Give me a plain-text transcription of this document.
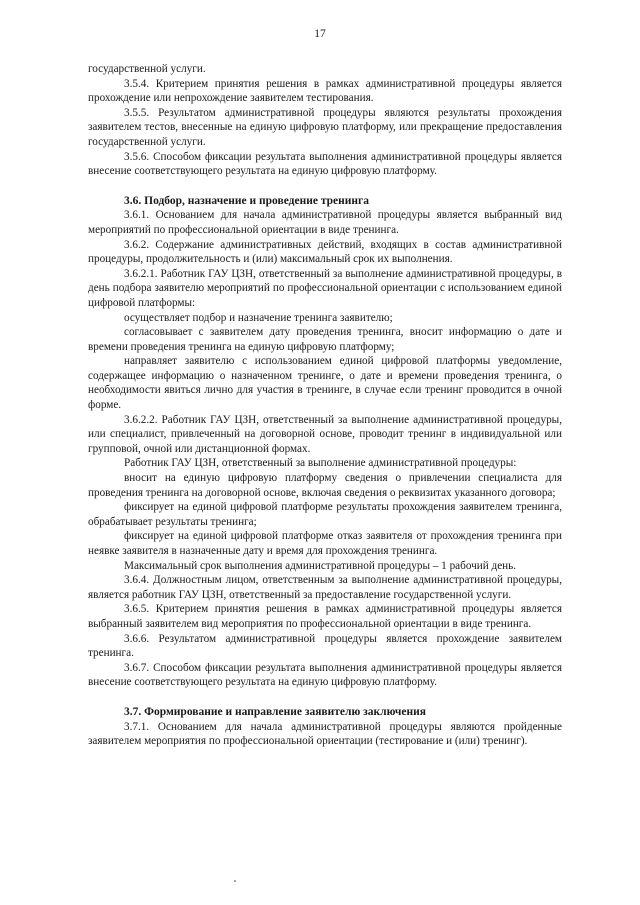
17

государственной услуги.

3.5.4. Критерием принятия решения в рамках административной процедуры является прохождение или непрохождение заявителем тестирования.

3.5.5. Результатом административной процедуры являются результаты прохождения заявителем тестов, внесенные на единую цифровую платформу, или прекращение предоставления государственной услуги.

3.5.6. Способом фиксации результата выполнения административной процедуры является внесение соответствующего результата на единую цифровую платформу.

3.6. Подбор, назначение и проведение тренинга

3.6.1. Основанием для начала административной процедуры является выбранный вид мероприятий по профессиональной ориентации в виде тренинга.

3.6.2. Содержание административных действий, входящих в состав административной процедуры, продолжительность и (или) максимальный срок их выполнения.

3.6.2.1. Работник ГАУ ЦЗН, ответственный за выполнение административной процедуры, в день подбора заявителю мероприятий по профессиональной ориентации с использованием единой цифровой платформы:

осуществляет подбор и назначение тренинга заявителю;

согласовывает с заявителем дату проведения тренинга, вносит информацию о дате и времени проведения тренинга на единую цифровую платформу;

направляет заявителю с использованием единой цифровой платформы уведомление, содержащее информацию о назначенном тренинге, о дате и времени проведения тренинга, о необходимости явиться лично для участия в тренинге, в случае если тренинг проводится в очной форме.

3.6.2.2. Работник ГАУ ЦЗН, ответственный за выполнение административной процедуры, или специалист, привлеченный на договорной основе, проводит тренинг в индивидуальной или групповой, очной или дистанционной формах.

Работник ГАУ ЦЗН, ответственный за выполнение административной процедуры:

вносит на единую цифровую платформу сведения о привлечении специалиста для проведения тренинга на договорной основе, включая сведения о реквизитах указанного договора;

фиксирует на единой цифровой платформе результаты прохождения заявителем тренинга, обрабатывает результаты тренинга;

фиксирует на единой цифровой платформе отказ заявителя от прохождения тренинга при неявке заявителя в назначенные дату и время для прохождения тренинга.

Максимальный срок выполнения административной процедуры – 1 рабочий день.

3.6.4. Должностным лицом, ответственным за выполнение административной процедуры, является работник ГАУ ЦЗН, ответственный за предоставление государственной услуги.

3.6.5. Критерием принятия решения в рамках административной процедуры является выбранный заявителем вид мероприятия по профессиональной ориентации в виде тренинга.

3.6.6. Результатом административной процедуры является прохождение заявителем тренинга.

3.6.7. Способом фиксации результата выполнения административной процедуры является внесение соответствующего результата на единую цифровую платформу.

3.7. Формирование и направление заявителю заключения

3.7.1. Основанием для начала административной процедуры являются пройденные заявителем мероприятия по профессиональной ориентации (тестирование и (или) тренинг).
